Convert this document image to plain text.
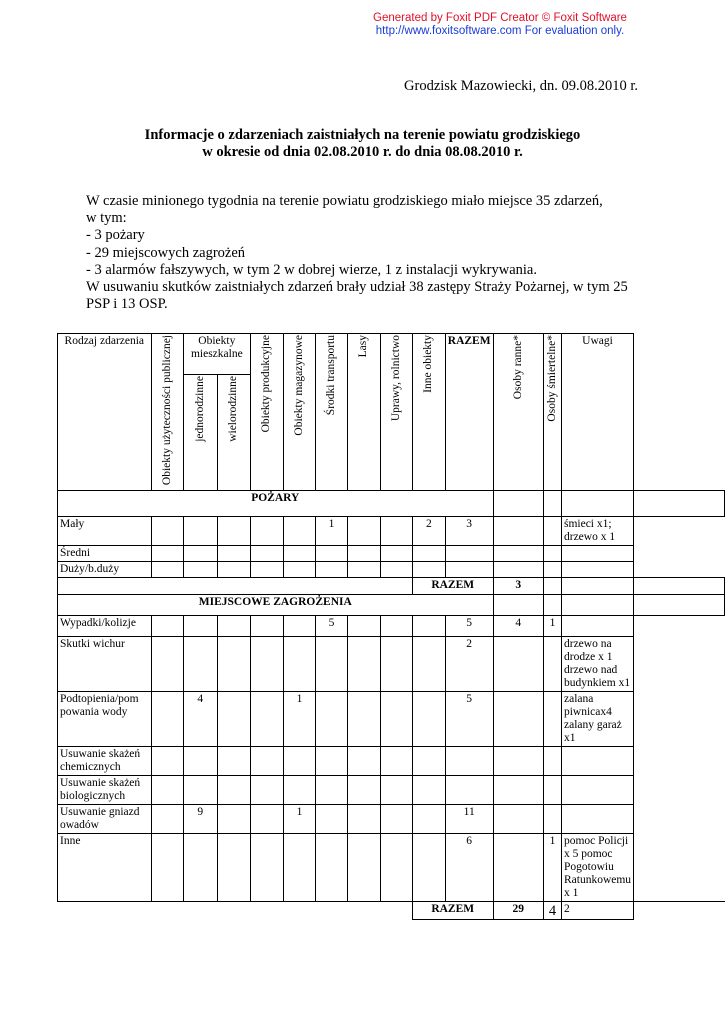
Generated by Foxit PDF Creator © Foxit Software
http://www.foxitsoftware.com For evaluation only.
Grodzisk Mazowiecki, dn. 09.08.2010 r.
Informacje o zdarzeniach zaistniałych na terenie powiatu grodziskiego
w okresie od dnia 02.08.2010 r. do dnia 08.08.2010 r.
W czasie minionego tygodnia na terenie powiatu grodziskiego miało miejsce 35 zdarzeń,
w tym:
- 3 pożary
- 29 miejscowych zagrożeń
- 3 alarmów fałszywych, w tym 2 w dobrej wierze, 1 z instalacji wykrywania.
W usuwaniu skutków zaistniałych zdarzeń brały udział 38 zastępy Straży Pożarnej, w tym 25
PSP i 13 OSP.
Rodzaj zdarzenia	Obiekty użyteczności publicznej	Obiekty mieszkalne		Obiekty produkcyjne	Obiekty magazynowe	Środki transportu	Lasy	Uprawy, rolnictwo	Inne obiekty	RAZEM	Osoby ranne*	Osoby śmiertelne*	Uwagi	
		jednorodzinne	wielorodzinne											
POŻARY														
Mały						1			2	3			śmieci x1; drzewo x 1	
Średni														
Duży/b.duży														
									RAZEM		3			
MIEJSCOWE ZAGROŻENIA														
Wypadki/kolizje						5				5	4	1		
Skutki wichur										2			drzewo na drodze x 1 drzewo nad budynkiem x1	
Podtopienia/pom powania wody		4			1					5			zalana piwnicax4 zalany garaż x1	
Usuwanie skażeń chemicznych														
Usuwanie skażeń biologicznych														
Usuwanie gniazd owadów		9			1					11				
Inne										6		1	pomoc Policji x 5 pomoc Pogotowiu Ratunkowemu x 1	
									RAZEM		29	4	2	
